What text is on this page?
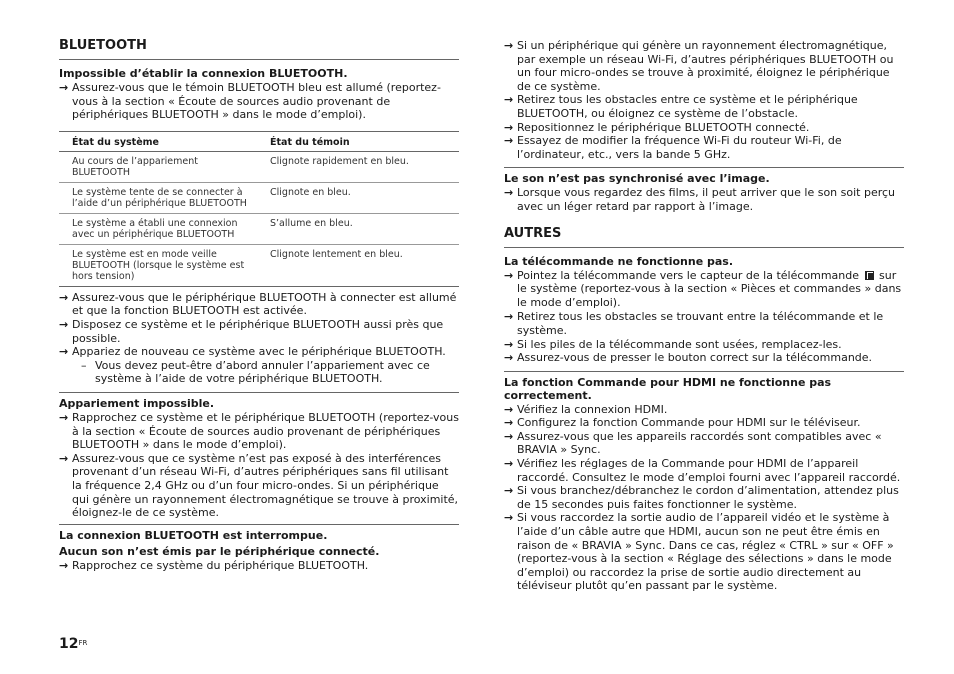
BLUETOOTH
Impossible d’établir la connexion BLUETOOTH.
→ Assurez-vous que le témoin BLUETOOTH bleu est allumé (reportez-vous à la section « Écoute de sources audio provenant de périphériques BLUETOOTH » dans le mode d’emploi).
État du système	État du témoin
Au cours de l’appariement BLUETOOTH	Clignote rapidement en bleu.
Le système tente de se connecter à l’aide d’un périphérique BLUETOOTH	Clignote en bleu.
Le système a établi une connexion avec un périphérique BLUETOOTH	S’allume en bleu.
Le système est en mode veille BLUETOOTH (lorsque le système est hors tension)	Clignote lentement en bleu.
→ Assurez-vous que le périphérique BLUETOOTH à connecter est allumé et que la fonction BLUETOOTH est activée.
→ Disposez ce système et le périphérique BLUETOOTH aussi près que possible.
→ Appariez de nouveau ce système avec le périphérique BLUETOOTH.
– Vous devez peut-être d’abord annuler l’appariement avec ce système à l’aide de votre périphérique BLUETOOTH.
Appariement impossible.
→ Rapprochez ce système et le périphérique BLUETOOTH (reportez-vous à la section « Écoute de sources audio provenant de périphériques BLUETOOTH » dans le mode d’emploi).
→ Assurez-vous que ce système n’est pas exposé à des interférences provenant d’un réseau Wi-Fi, d’autres périphériques sans fil utilisant la fréquence 2,4 GHz ou d’un four micro-ondes. Si un périphérique qui génère un rayonnement électromagnétique se trouve à proximité, éloignez-le de ce système.
La connexion BLUETOOTH est interrompue.
Aucun son n’est émis par le périphérique connecté.
→ Rapprochez ce système du périphérique BLUETOOTH.
→ Si un périphérique qui génère un rayonnement électromagnétique, par exemple un réseau Wi-Fi, d’autres périphériques BLUETOOTH ou un four micro-ondes se trouve à proximité, éloignez le périphérique de ce système.
→ Retirez tous les obstacles entre ce système et le périphérique BLUETOOTH, ou éloignez ce système de l’obstacle.
→ Repositionnez le périphérique BLUETOOTH connecté.
→ Essayez de modifier la fréquence Wi-Fi du routeur Wi-Fi, de l’ordinateur, etc., vers la bande 5 GHz.
Le son n’est pas synchronisé avec l’image.
→ Lorsque vous regardez des films, il peut arriver que le son soit perçu avec un léger retard par rapport à l’image.
AUTRES
La télécommande ne fonctionne pas.
→ Pointez la télécommande vers le capteur de la télécommande sur le système (reportez-vous à la section « Pièces et commandes » dans le mode d’emploi).
→ Retirez tous les obstacles se trouvant entre la télécommande et le système.
→ Si les piles de la télécommande sont usées, remplacez-les.
→ Assurez-vous de presser le bouton correct sur la télécommande.
La fonction Commande pour HDMI ne fonctionne pas correctement.
→ Vérifiez la connexion HDMI.
→ Configurez la fonction Commande pour HDMI sur le téléviseur.
→ Assurez-vous que les appareils raccordés sont compatibles avec « BRAVIA » Sync.
→ Vérifiez les réglages de la Commande pour HDMI de l’appareil raccordé. Consultez le mode d’emploi fourni avec l’appareil raccordé.
→ Si vous branchez/débranchez le cordon d’alimentation, attendez plus de 15 secondes puis faites fonctionner le système.
→ Si vous raccordez la sortie audio de l’appareil vidéo et le système à l’aide d’un câble autre que HDMI, aucun son ne peut être émis en raison de « BRAVIA » Sync. Dans ce cas, réglez « CTRL » sur « OFF » (reportez-vous à la section « Réglage des sélections » dans le mode d’emploi) ou raccordez la prise de sortie audio directement au téléviseur plutôt qu’en passant par le système.
$12^{FR}$
